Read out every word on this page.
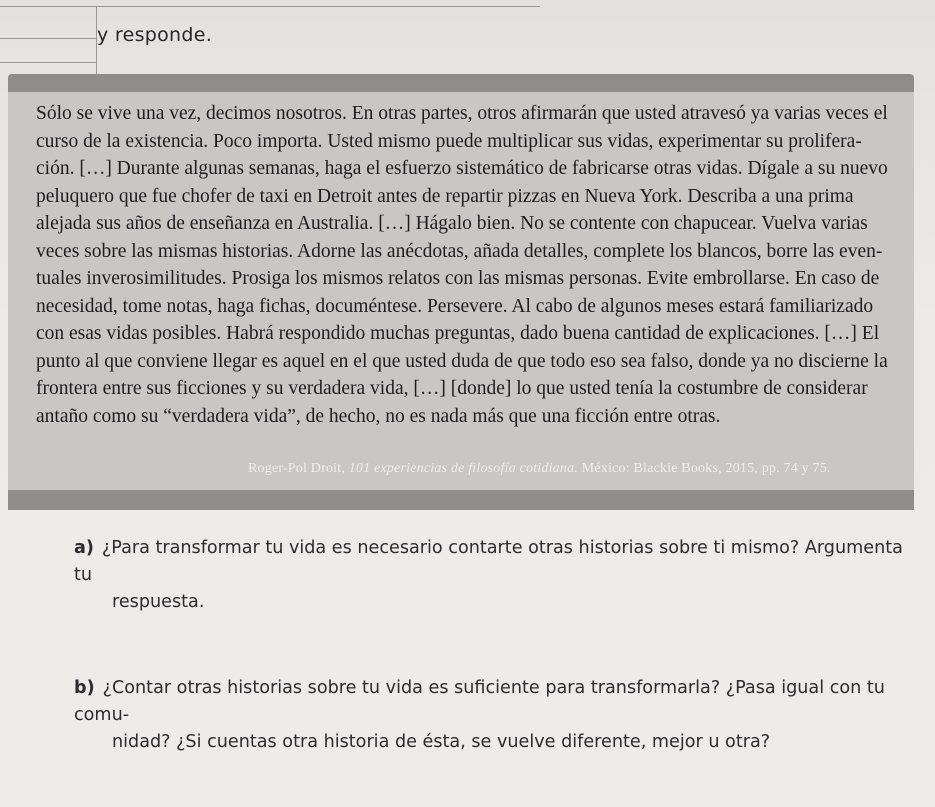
y responde.

Sólo se vive una vez, decimos nosotros. En otras partes, otros afirmarán que usted atravesó ya varias veces el

curso de la existencia. Poco importa. Usted mismo puede multiplicar sus vidas, experimentar su prolifera-

ción. […] Durante algunas semanas, haga el esfuerzo sistemático de fabricarse otras vidas. Dígale a su nuevo

peluquero que fue chofer de taxi en Detroit antes de repartir pizzas en Nueva York. Describa a una prima

alejada sus años de enseñanza en Australia. […] Hágalo bien. No se contente con chapucear. Vuelva varias

veces sobre las mismas historias. Adorne las anécdotas, añada detalles, complete los blancos, borre las even-

tuales inverosimilitudes. Prosiga los mismos relatos con las mismas personas. Evite embrollarse. En caso de

necesidad, tome notas, haga fichas, documéntese. Persevere. Al cabo de algunos meses estará familiarizado

con esas vidas posibles. Habrá respondido muchas preguntas, dado buena cantidad de explicaciones. […] El

punto al que conviene llegar es aquel en el que usted duda de que todo eso sea falso, donde ya no discierne la

frontera entre sus ficciones y su verdadera vida, […] [donde] lo que usted tenía la costumbre de considerar

antaño como su “verdadera vida”, de hecho, no es nada más que una ficción entre otras.

Roger-Pol Droit, 101 experiencias de filosofía cotidiana. México: Blackie Books, 2015, pp. 74 y 75.
a) ¿Para transformar tu vida es necesario contarte otras historias sobre ti mismo? Argumenta tu
respuesta.
b) ¿Contar otras historias sobre tu vida es suficiente para transformarla? ¿Pasa igual con tu comu-
nidad? ¿Si cuentas otra historia de ésta, se vuelve diferente, mejor u otra?
